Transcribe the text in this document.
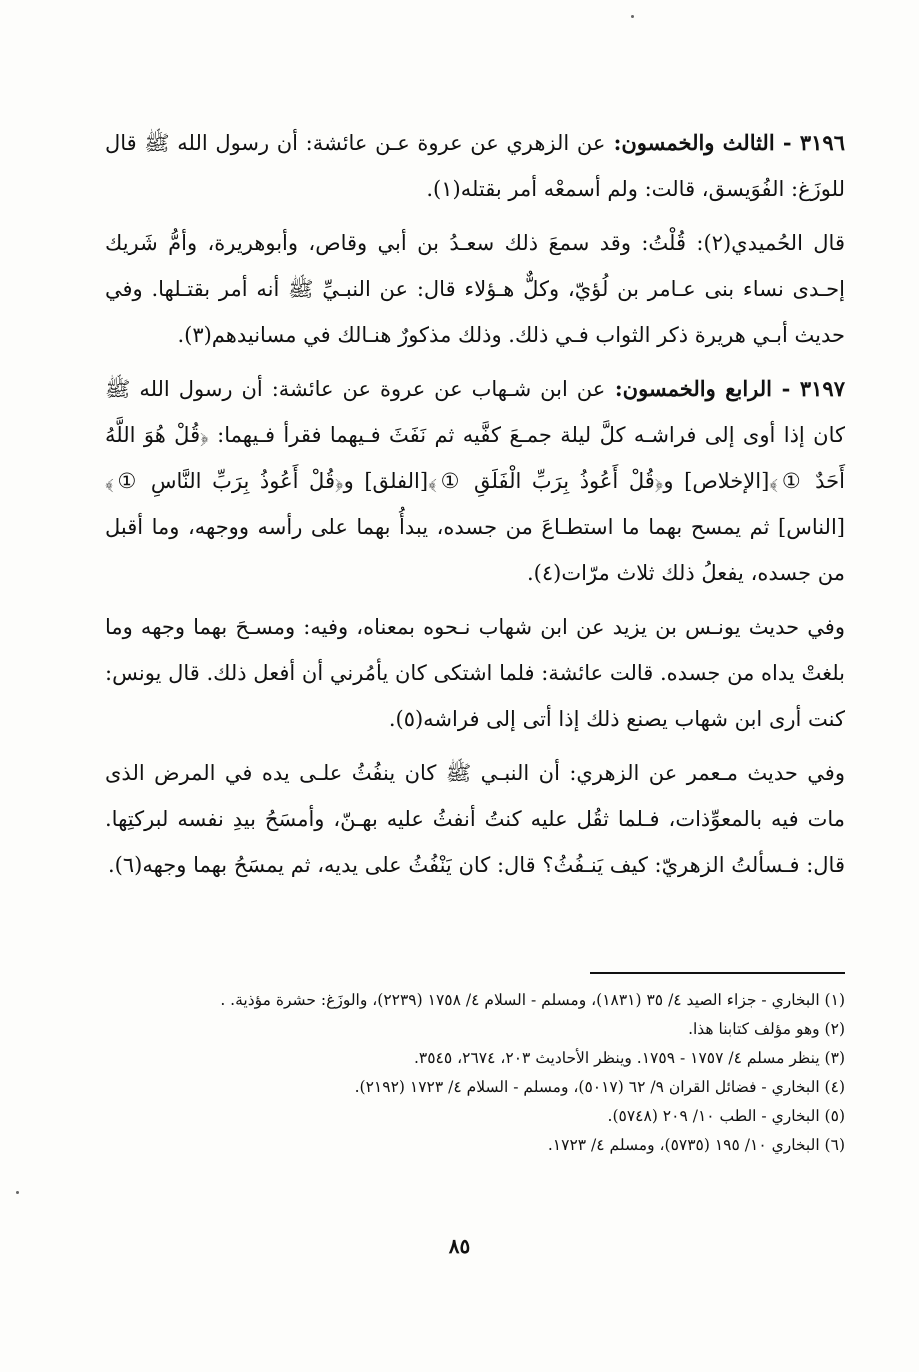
٣١٩٦ - الثالث والخمسون: عن الزهري عن عروة عـن عائشة: أن رسول الله ﷺ قال للوزَغ: الفُوَيسق، قالت: ولم أسمعْه أمر بقتله(١).

قال الحُميدي(٢): قُلْتُ: وقد سمعَ ذلك سعـدُ بن أبي وقاص، وأبوهريرة، وأمُّ شَريك إحـدى نساء بنى عـامر بن لُؤيّ، وكلٌّ هـؤلاء قال: عن النبـيِّ ﷺ أنه أمر بقتـلها. وفي حديث أبـي هريرة ذكر الثواب فـي ذلك. وذلك مذكورٌ هنـالك في مسانيدهم(٣).

٣١٩٧ - الرابع والخمسون: عن ابن شـهاب عن عروة عن عائشة: أن رسول الله ﷺ كان إذا أوى إلى فراشـه كلَّ ليلة جمـعَ كفَّيه ثم نَفَثَ فـيهما فقرأ فـيهما: ﴿قُلْ هُوَ اللَّهُ أَحَدٌ ①﴾[الإخلاص] و﴿قُلْ أَعُوذُ بِرَبِّ الْفَلَقِ ①﴾[الفلق] و﴿قُلْ أَعُوذُ بِرَبِّ النَّاسِ ①﴾ [الناس] ثم يمسح بهما ما استطـاعَ من جسده، يبدأُ بهما على رأسه ووجهه، وما أقبل من جسده، يفعلُ ذلك ثلاث مرّات(٤).

وفي حديث يونـس بن يزيد عن ابن شهاب نـحوه بمعناه، وفيه: ومسـحَ بهما وجهه وما بلغتْ يداه من جسده. قالت عائشة: فلما اشتكى كان يأمُرني أن أفعل ذلك. قال يونس: كنت أرى ابن شهاب يصنع ذلك إذا أتى إلى فراشه(٥).

وفي حديث مـعمر عن الزهري: أن النبـي ﷺ كان ينفُثُ علـى يده في المرض الذى مات فيه بالمعوِّذات، فـلما ثقُل عليه كنتُ أنفثُ عليه بهـنّ، وأمسَحُ بيدِ نفسه لبركتِها. قال: فـسألتُ الزهريّ: كيف يَنـفُثُ؟ قال: كان يَنْفُثُ على يديه، ثم يمسَحُ بهما وجهه(٦).

(١) البخاري - جزاء الصيد ٤/ ٣٥ (١٨٣١)، ومسلم - السلام ٤/ ١٧٥٨ (٢٢٣٩)، والوزَغ: حشرة مؤذية. .
(٢) وهو مؤلف كتابنا هذا.
(٣) ينظر مسلم ٤/ ١٧٥٧ - ١٧٥٩. وينظر الأحاديث ٢٠٣، ٢٦٧٤، ٣٥٤٥.
(٤) البخاري - فضائل القران ٩/ ٦٢ (٥٠١٧)، ومسلم - السلام ٤/ ١٧٢٣ (٢١٩٢).
(٥) البخاري - الطب ١٠/ ٢٠٩ (٥٧٤٨).
(٦) البخاري ١٠/ ١٩٥ (٥٧٣٥)، ومسلم ٤/ ١٧٢٣.
٨٥
